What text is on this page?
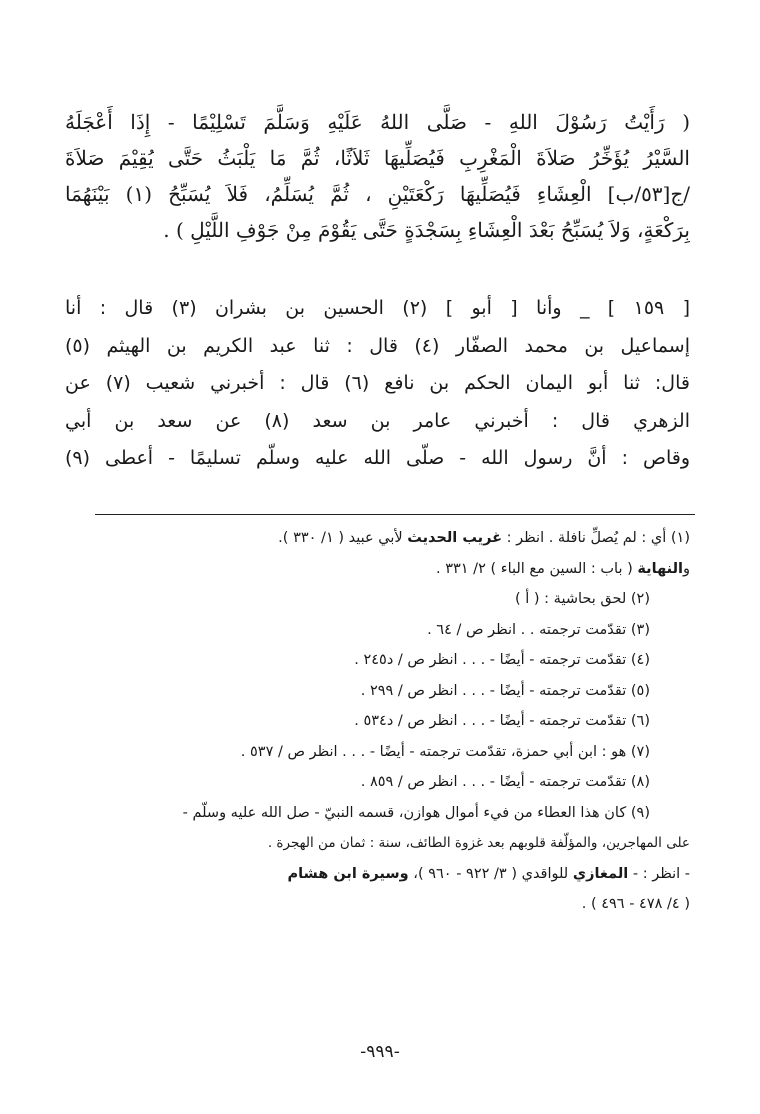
( رَأَيْتُ رَسُوْلَ اللهِ - صَلَّى اللهُ عَلَيْهِ وَسَلَّمَ تَسْلِيْمًا - إِذَا أَعْجَلَهُ
السَّيْرُ يُؤَخِّرُ صَلاَةَ الْمَغْرِبِ فَيُصَلِّيهَا ثَلاَثًا، ثُمَّ مَا يَلْبَثُ حَتَّى يُقِيْمَ صَلاَةَ
/ج[٥٣/ب] الْعِشَاءِ فَيُصَلِّيهَا رَكْعَتَيْنِ ، ثُمَّ يُسَلِّمُ، فَلاَ يُسَبِّحُ (١) بَيْنَهُمَا
بِرَكْعَةٍ، وَلاَ يُسَبِّحُ بَعْدَ الْعِشَاءِ بِسَجْدَةٍ حَتَّى يَقُوْمَ مِنْ جَوْفِ اللَّيْلِ ) .
[ ١٥٩ ] _ وأنا [ أبو ] (٢) الحسين بن بشران (٣) قال : أنا
إسماعيل بن محمد الصفّار (٤) قال : ثنا عبد الكريم بن الهيثم (٥)
قال: ثنا أبو اليمان الحكم بن نافع (٦) قال : أخبرني شعيب (٧) عن
الزهري قال : أخبرني عامر بن سعد (٨) عن سعد بن أبي
وقاص : أنَّ رسول الله - صلّى الله عليه وسلّم تسليمًا - أعطى (٩)
(١) أي : لم يُصلِّ نافلة . انظر : غريب الحديث لأبي عبيد ( ١/ ٣٣٠ ).
والنهاية ( باب : السين مع الباء ) ٢/ ٣٣١ .
(٢) لحق بحاشية : ( أ )
(٣) تقدّمت ترجمته . . انظر ص / ٦٤ .
(٤) تقدّمت ترجمته - أيضًا - . . . انظر ص / د٢٤٥ .
(٥) تقدّمت ترجمته - أيضًا - . . . انظر ص / ٢٩٩ .
(٦) تقدّمت ترجمته - أيضًا - . . . انظر ص / د٥٣٤ .
(٧) هو : ابن أبي حمزة، تقدّمت ترجمته - أيضًا - . . . انظر ص / ٥٣٧ .
(٨) تقدّمت ترجمته - أيضًا - . . . انظر ص / ٨٥٩ .
(٩) كان هذا العطاء من فيء أموال هوازن، قسمه النبيّ - صل الله عليه وسلّم -
على المهاجرين، والمؤلّفة قلوبهم بعد غزوة الطائف، سنة : ثمان من الهجرة .
- انظر : - المغازي للواقدي ( ٣/ ٩٢٢ - ٩٦٠ )، وسيرة ابن هشام
( ٤/ ٤٧٨ - ٤٩٦ ) .
-٩٩٩-
